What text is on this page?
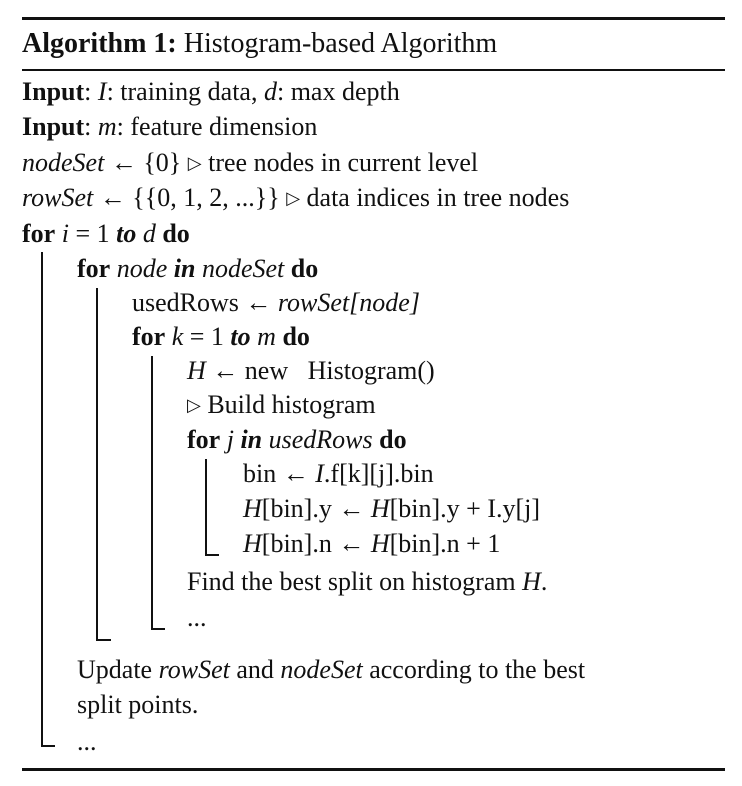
Algorithm 1: Histogram-based Algorithm
Input: I: training data, d: max depth
Input: m: feature dimension
nodeSet ← {0} ▷ tree nodes in current level
rowSet ← {{0, 1, 2, ...}} ▷ data indices in tree nodes
for i = 1 to d do
for node in nodeSet do
usedRows ← rowSet[node]
for k = 1 to m do
H ← new   Histogram()
▷ Build histogram
for j in usedRows do
bin ← I.f[k][j].bin
H[bin].y ← H[bin].y + I.y[j]
H[bin].n ← H[bin].n + 1
Find the best split on histogram H.
...
Update rowSet and nodeSet according to the best
split points.
...
